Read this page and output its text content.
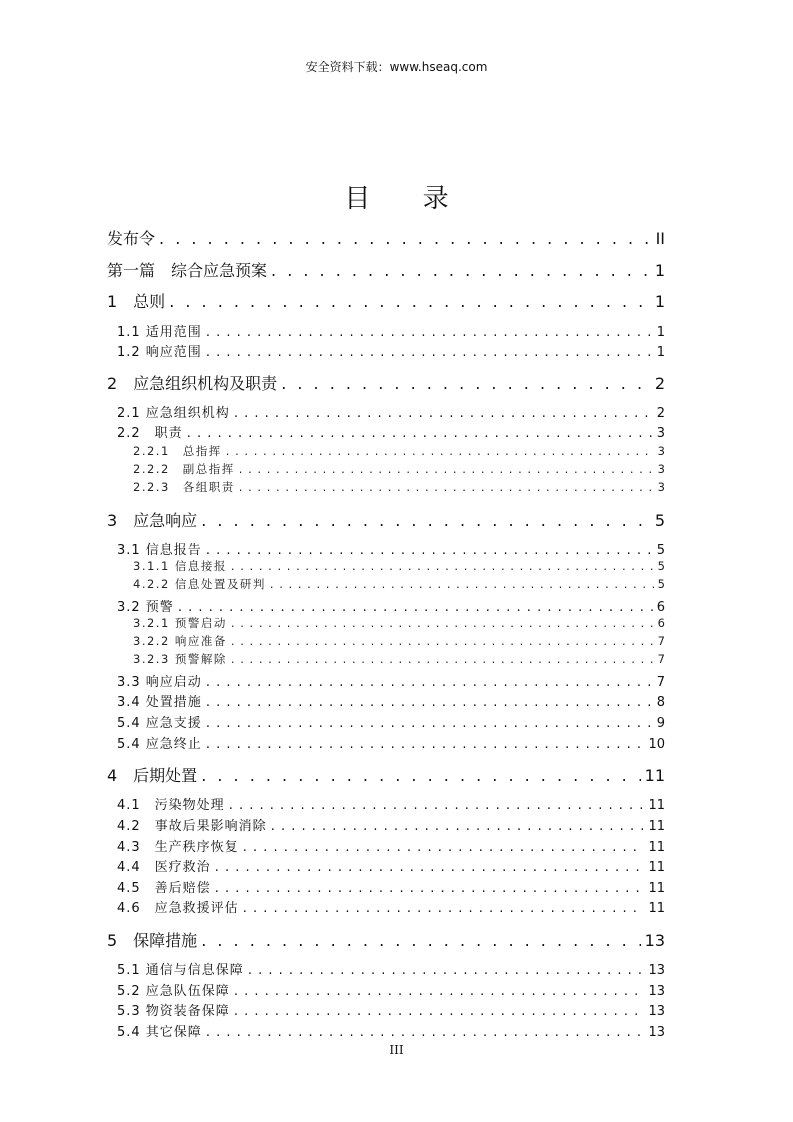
安全资料下载：www.hseaq.com
目 录
发布令 . . .	II
第一篇　综合应急预案 . . .	1
1　总则 . . .	1
1.1 适用范围 . . .	1
1.2 响应范围 . . .	1
2　应急组织机构及职责 . . .	2
2.1 应急组织机构 . . .	2
2.2　职责 . . .	3
2.2.1　总指挥 . . .	3
2.2.2　副总指挥 . . .	3
2.2.3　各组职责 . . .	3
3　应急响应 . . .	5
3.1 信息报告 . . .	5
3.1.1 信息接报 . . .	5
4.2.2 信息处置及研判 . . .	5
3.2 预警 . . .	6
3.2.1 预警启动 . . .	6
3.2.2 响应准备 . . .	7
3.2.3 预警解除 . . .	7
3.3 响应启动 . . .	7
3.4 处置措施 . . .	8
5.4 应急支援 . . .	9
5.4 应急终止 . . .	10
4　后期处置 . . .	11
4.1　污染物处理 . . .	11
4.2　事故后果影响消除 . . .	11
4.3　生产秩序恢复 . . .	11
4.4　医疗救治 . . .	11
4.5　善后赔偿 . . .	11
4.6　应急救援评估 . . .	11
5　保障措施 . . .	13
5.1 通信与信息保障 . . .	13
5.2 应急队伍保障 . . .	13
5.3 物资装备保障 . . .	13
5.4 其它保障 . . .	13
III
